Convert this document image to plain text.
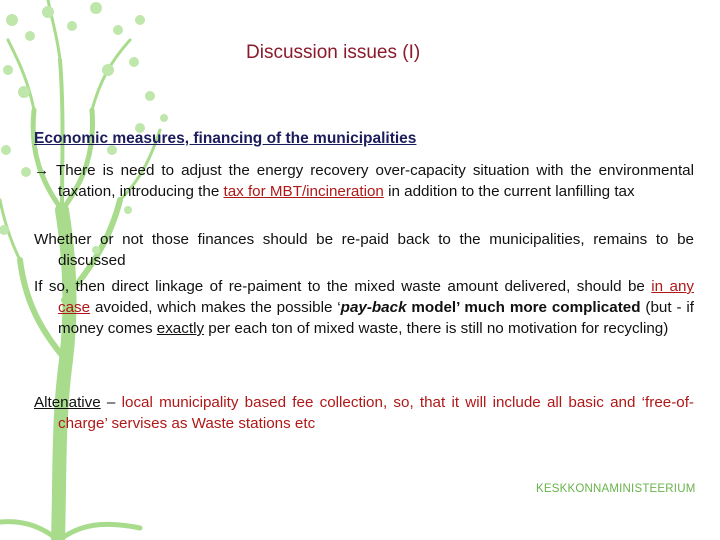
Discussion issues (I)
Economic measures, financing of the municipalities

→ There is need to adjust the energy recovery over-capacity situation with the environmental taxation, introducing the tax for MBT/incineration in addition to the current lanfilling tax

Whether or not those finances should be re-paid back to the municipalities, remains to be discussed

If so, then direct linkage of re-paiment to the mixed waste amount delivered, should be in any case avoided, which makes the possible ‘pay-back model’ much more complicated (but - if money comes exactly per each ton of mixed waste, there is still no motivation for recycling)

Altenative – local municipality based fee collection, so, that it will include all basic and ‘free-of-charge’ servises as Waste stations etc

KESKKONNAMINISTEERIUM
